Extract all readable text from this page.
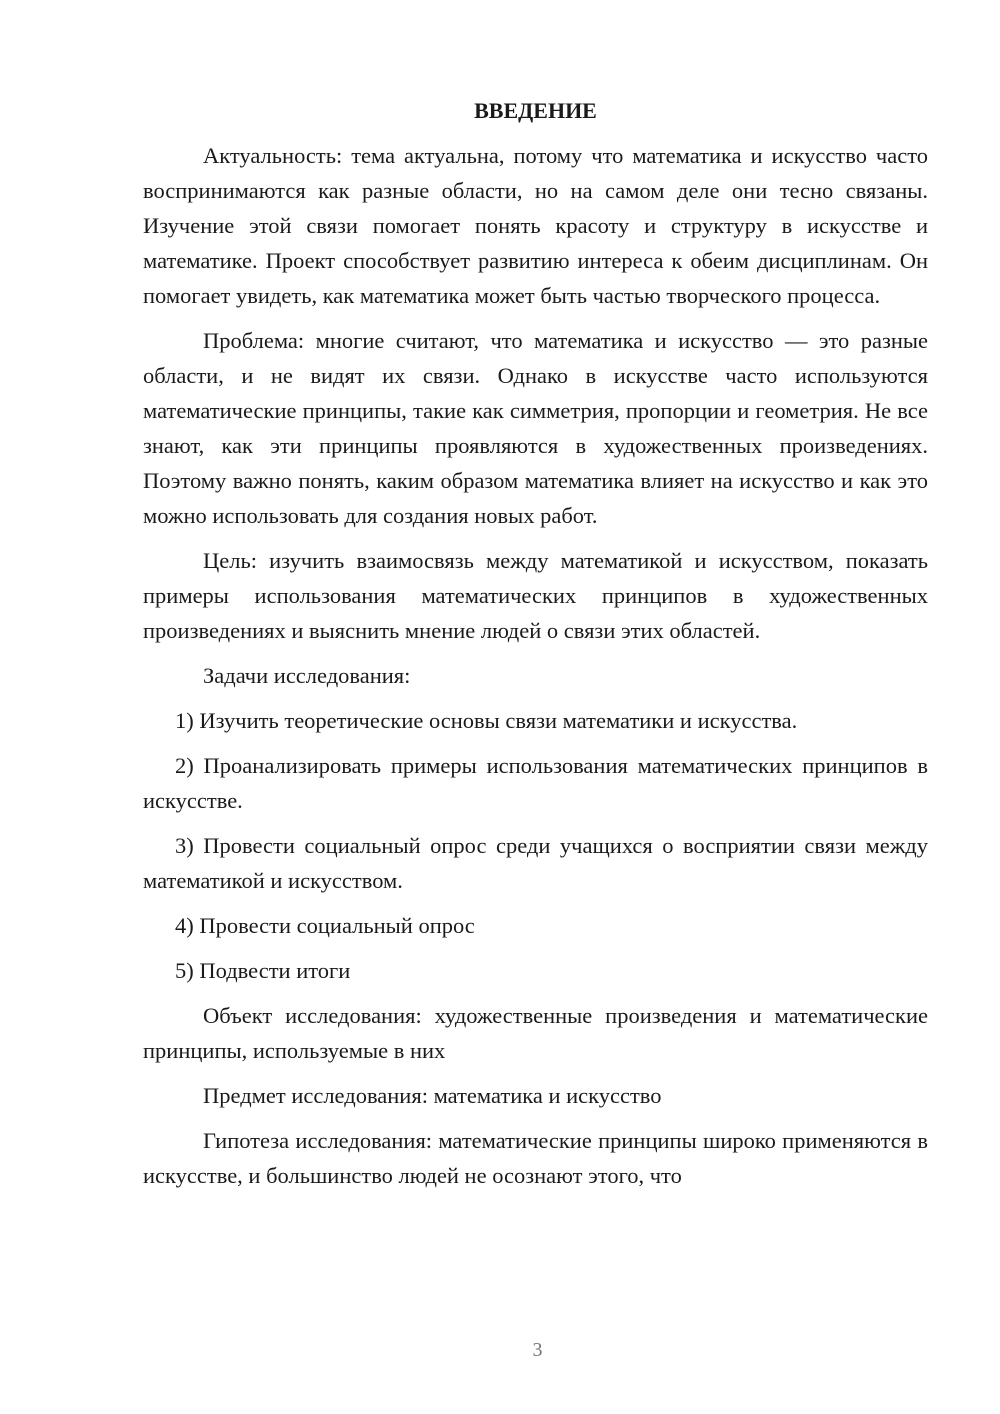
ВВЕДЕНИЕ

Актуальность: тема актуальна, потому что математика и искусство часто воспринимаются как разные области, но на самом деле они тесно связаны. Изучение этой связи помогает понять красоту и структуру в искусстве и математике. Проект способствует развитию интереса к обеим дисциплинам. Он помогает увидеть, как математика может быть частью творческого процесса.

Проблема: многие считают, что математика и искусство — это разные области, и не видят их связи. Однако в искусстве часто используются математические принципы, такие как симметрия, пропорции и геометрия. Не все знают, как эти принципы проявляются в художественных произведениях. Поэтому важно понять, каким образом математика влияет на искусство и как это можно использовать для создания новых работ.

Цель: изучить взаимосвязь между математикой и искусством, показать примеры использования математических принципов в художественных произведениях и выяснить мнение людей о связи этих областей.

Задачи исследования:

1) Изучить теоретические основы связи математики и искусства.

2) Проанализировать примеры использования математических принципов в искусстве.

3) Провести социальный опрос среди учащихся о восприятии связи между математикой и искусством.

4) Провести социальный опрос

5) Подвести итоги

Объект исследования: художественные произведения и математические принципы, используемые в них

Предмет исследования: математика и искусство

Гипотеза исследования: математические принципы широко применяются в искусстве, и большинство людей не осознают этого, что

3
